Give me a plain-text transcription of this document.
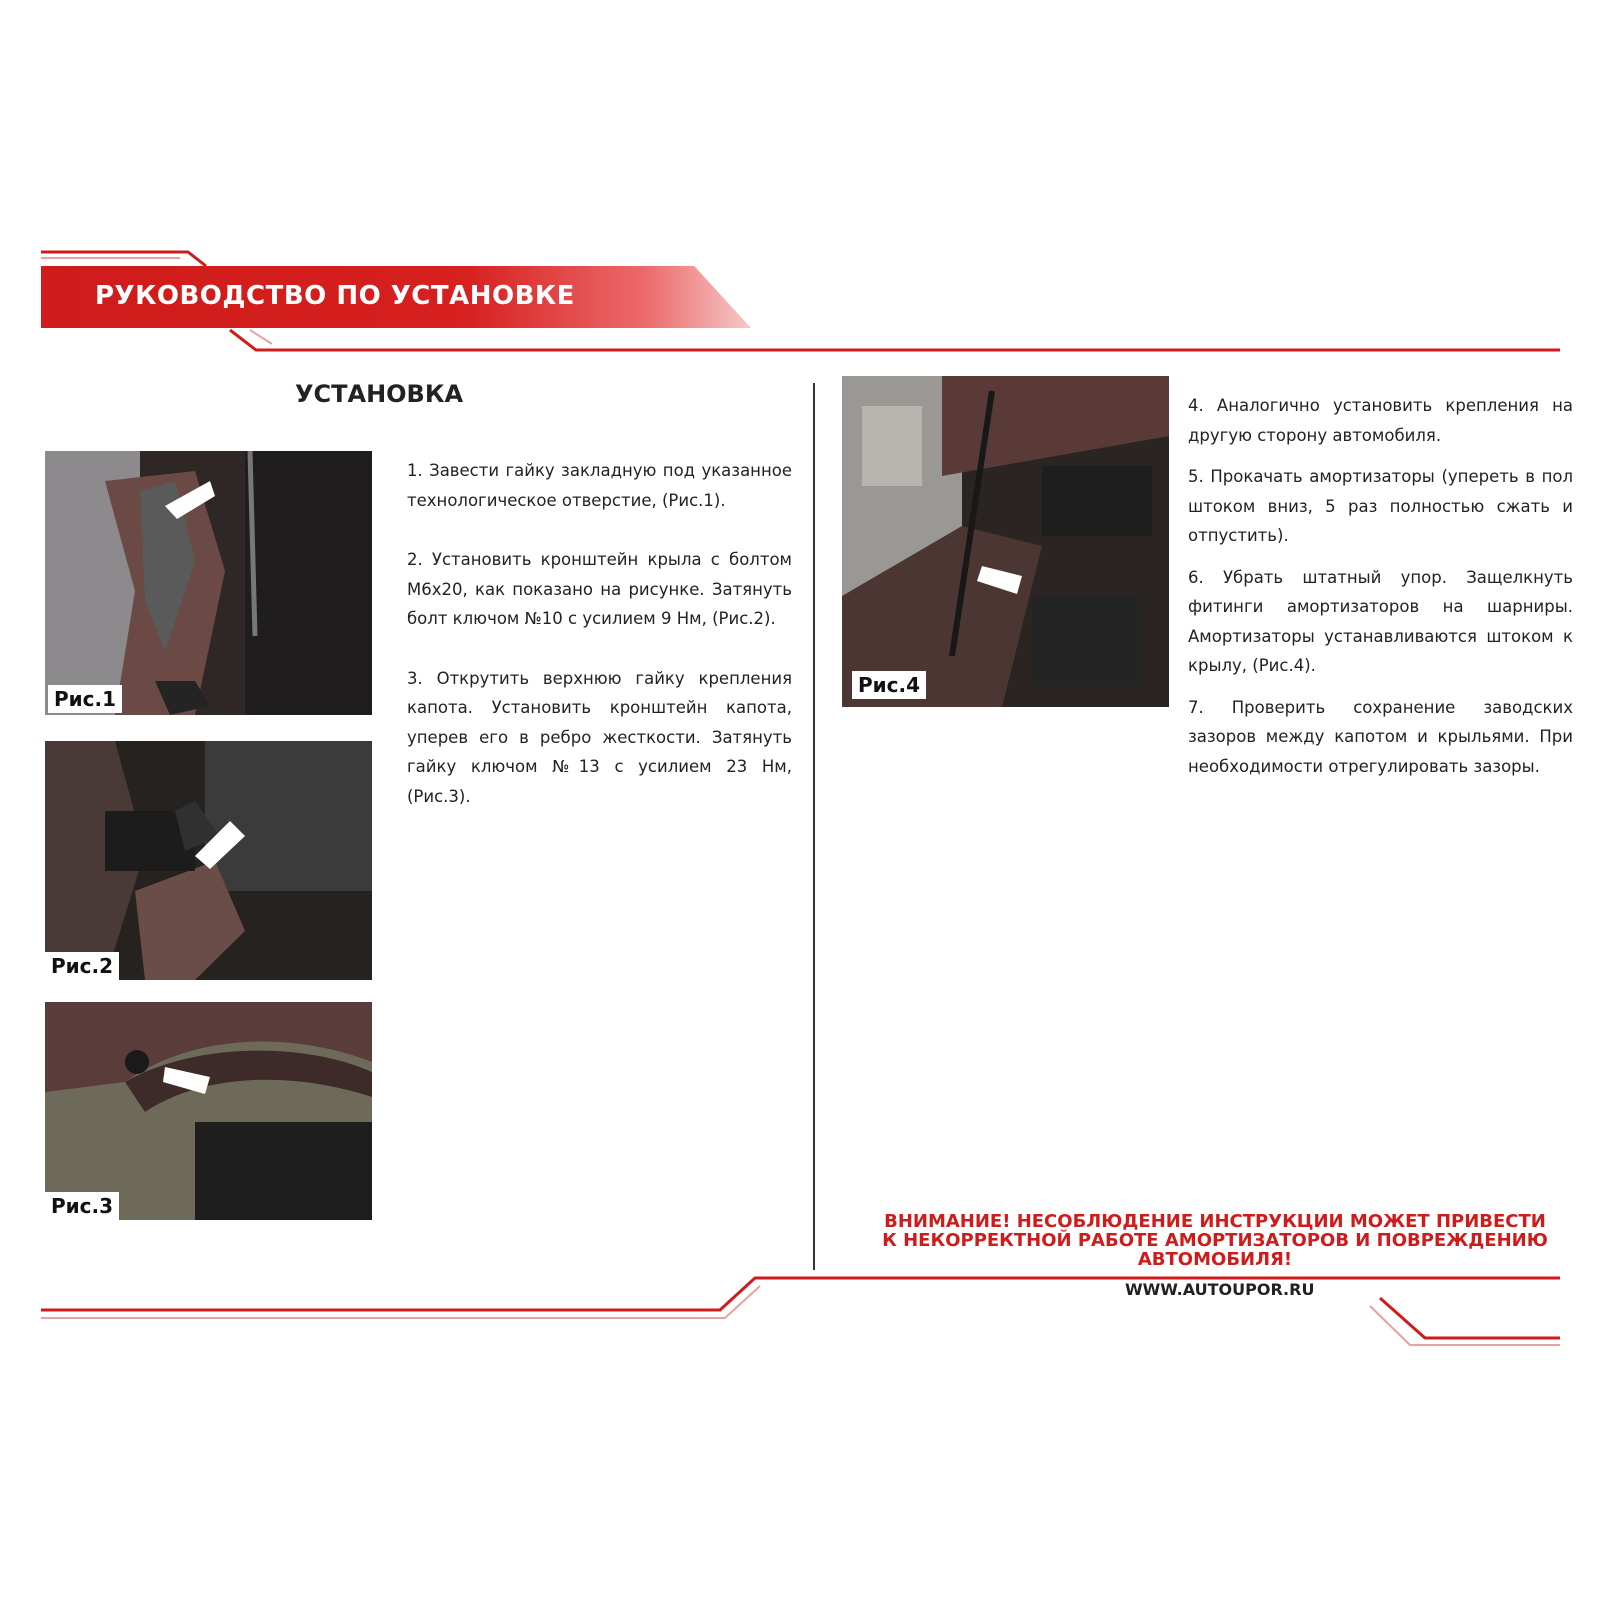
РУКОВОДСТВО ПО УСТАНОВКЕ
УСТАНОВКА
Рис.1
Рис.2
Рис.3
Рис.4

1. Завести гайку закладную под указанное технологическое отверстие, (Рис.1).

2. Установить кронштейн крыла с болтом М6х20, как показано на рисунке. Затянуть болт ключом №10 с усилием 9 Нм, (Рис.2).

3. Открутить верхнюю гайку крепления капота. Установить кронштейн капота, уперев его в ребро жесткости. Затянуть гайку ключом №13 с усилием 23 Нм, (Рис.3).

4. Аналогично установить крепления на другую сторону автомобиля.

5. Прокачать амортизаторы (упереть в пол штоком вниз, 5 раз полностью сжать и отпустить).

6. Убрать штатный упор. Защелкнуть фитинги амортизаторов на шарниры. Амортизаторы устанавливаются штоком к крылу, (Рис.4).

7. Проверить сохранение заводских зазоров между капотом и крыльями. При необходимости отрегулировать зазоры.

ВНИМАНИЕ! НЕСОБЛЮДЕНИЕ ИНСТРУКЦИИ МОЖЕТ ПРИВЕСТИ К НЕКОРРЕКТНОЙ РАБОТЕ АМОРТИЗАТОРОВ И ПОВРЕЖДЕНИЮ АВТОМОБИЛЯ!
WWW.AUTOUPOR.RU
